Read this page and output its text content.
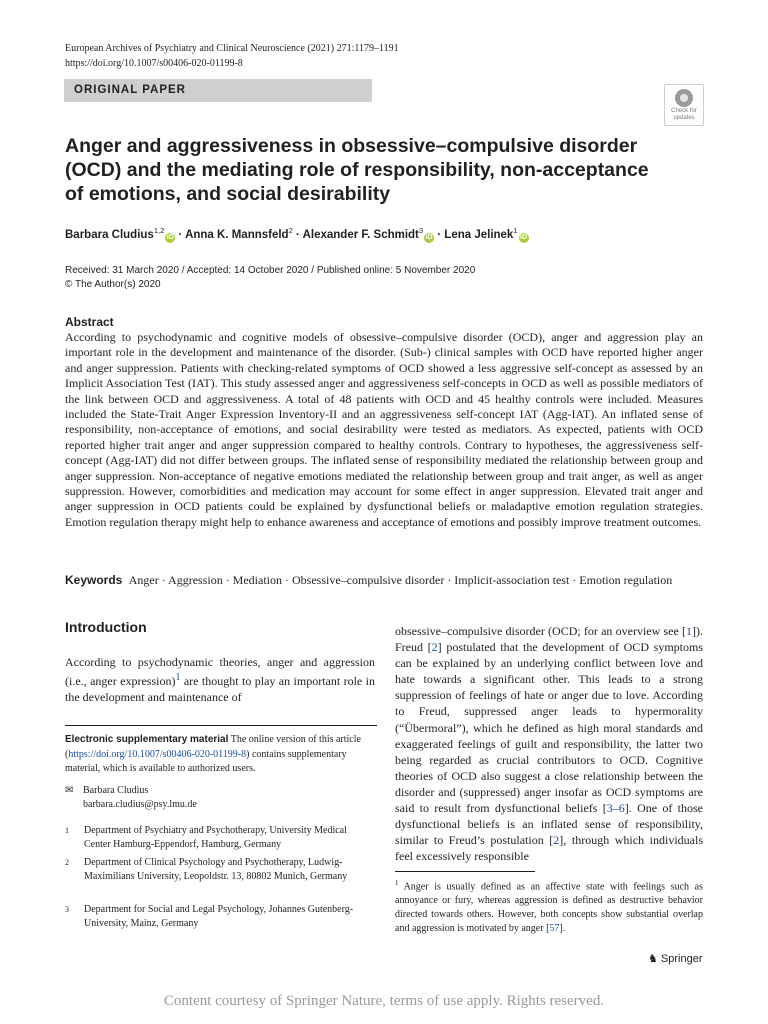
European Archives of Psychiatry and Clinical Neuroscience (2021) 271:1179–1191
https://doi.org/10.1007/s00406-020-01199-8
ORIGINAL PAPER
Check for
updates
Anger and aggressiveness in obsessive–compulsive disorder (OCD) and the mediating role of responsibility, non-acceptance of emotions, and social desirability
Barbara Cludius$^{1,2}$iD · Anna K. Mannsfeld$^2$ · Alexander F. Schmidt$^3$iD · Lena Jelinek$^1$iD
Received: 31 March 2020 / Accepted: 14 October 2020 / Published online: 5 November 2020
© The Author(s) 2020
Abstract
According to psychodynamic and cognitive models of obsessive–compulsive disorder (OCD), anger and aggression play an important role in the development and maintenance of the disorder. (Sub-) clinical samples with OCD have reported higher anger and anger suppression. Patients with checking-related symptoms of OCD showed a less aggressive self-concept as assessed by an Implicit Association Test (IAT). This study assessed anger and aggressiveness self-concepts in OCD as well as possible mediators of the link between OCD and aggressiveness. A total of 48 patients with OCD and 45 healthy controls were included. Measures included the State-Trait Anger Expression Inventory-II and an aggressiveness self-concept IAT (Agg-IAT). An inflated sense of responsibility, non-acceptance of emotions, and social desirability were tested as mediators. As expected, patients with OCD reported higher trait anger and anger suppression compared to healthy controls. Contrary to hypotheses, the aggressiveness self-concept (Agg-IAT) did not differ between groups. The inflated sense of responsibility mediated the relationship between group and anger suppression. Non-acceptance of negative emotions mediated the relationship between group and trait anger, as well as anger suppression. However, comorbidities and medication may account for some effect in anger suppression. Elevated trait anger and anger suppression in OCD patients could be explained by dysfunctional beliefs or maladaptive emotion regulation strategies. Emotion regulation therapy might help to enhance awareness and acceptance of emotions and possibly improve treatment outcomes.
Keywords Anger · Aggression · Mediation · Obsessive–compulsive disorder · Implicit-association test · Emotion regulation
Introduction
According to psychodynamic theories, anger and aggression (i.e., anger expression)$^1$ are thought to play an important role in the development and maintenance of
obsessive–compulsive disorder (OCD; for an overview see [1]). Freud [2] postulated that the development of OCD symptoms can be explained by an underlying conflict between love and hate towards a significant other. This leads to a strong suppression of feelings of hate or anger due to love. According to Freud, suppressed anger leads to hypermorality (“Übermoral”), which he defined as high moral standards and exaggerated feelings of guilt and responsibility, the latter two being regarded as crucial contributors to OCD. Cognitive theories of OCD also suggest a close relationship between the disorder and (suppressed) anger insofar as OCD symptoms are said to result from dysfunctional beliefs [3–6]. One of those dysfunctional beliefs is an inflated sense of responsibility, similar to Freud’s postulation [2], through which individuals feel excessively responsible
Electronic supplementary material The online version of this article (https://doi.org/10.1007/s00406-020-01199-8) contains supplementary material, which is available to authorized users.
✉ Barbara Cludius
barbara.cludius@psy.lmu.de
1 Department of Psychiatry and Psychotherapy, University Medical Center Hamburg-Eppendorf, Hamburg, Germany
2 Department of Clinical Psychology and Psychotherapy, Ludwig-Maximilians University, Leopoldstr. 13, 80802 Munich, Germany
3 Department for Social and Legal Psychology, Johannes Gutenberg-University, Mainz, Germany
$^1$ Anger is usually defined as an affective state with feelings such as annoyance or fury, whereas aggression is defined as destructive behavior directed towards others. However, both concepts show substantial overlap and aggression is motivated by anger [57].
♞ Springer
Content courtesy of Springer Nature, terms of use apply. Rights reserved.
